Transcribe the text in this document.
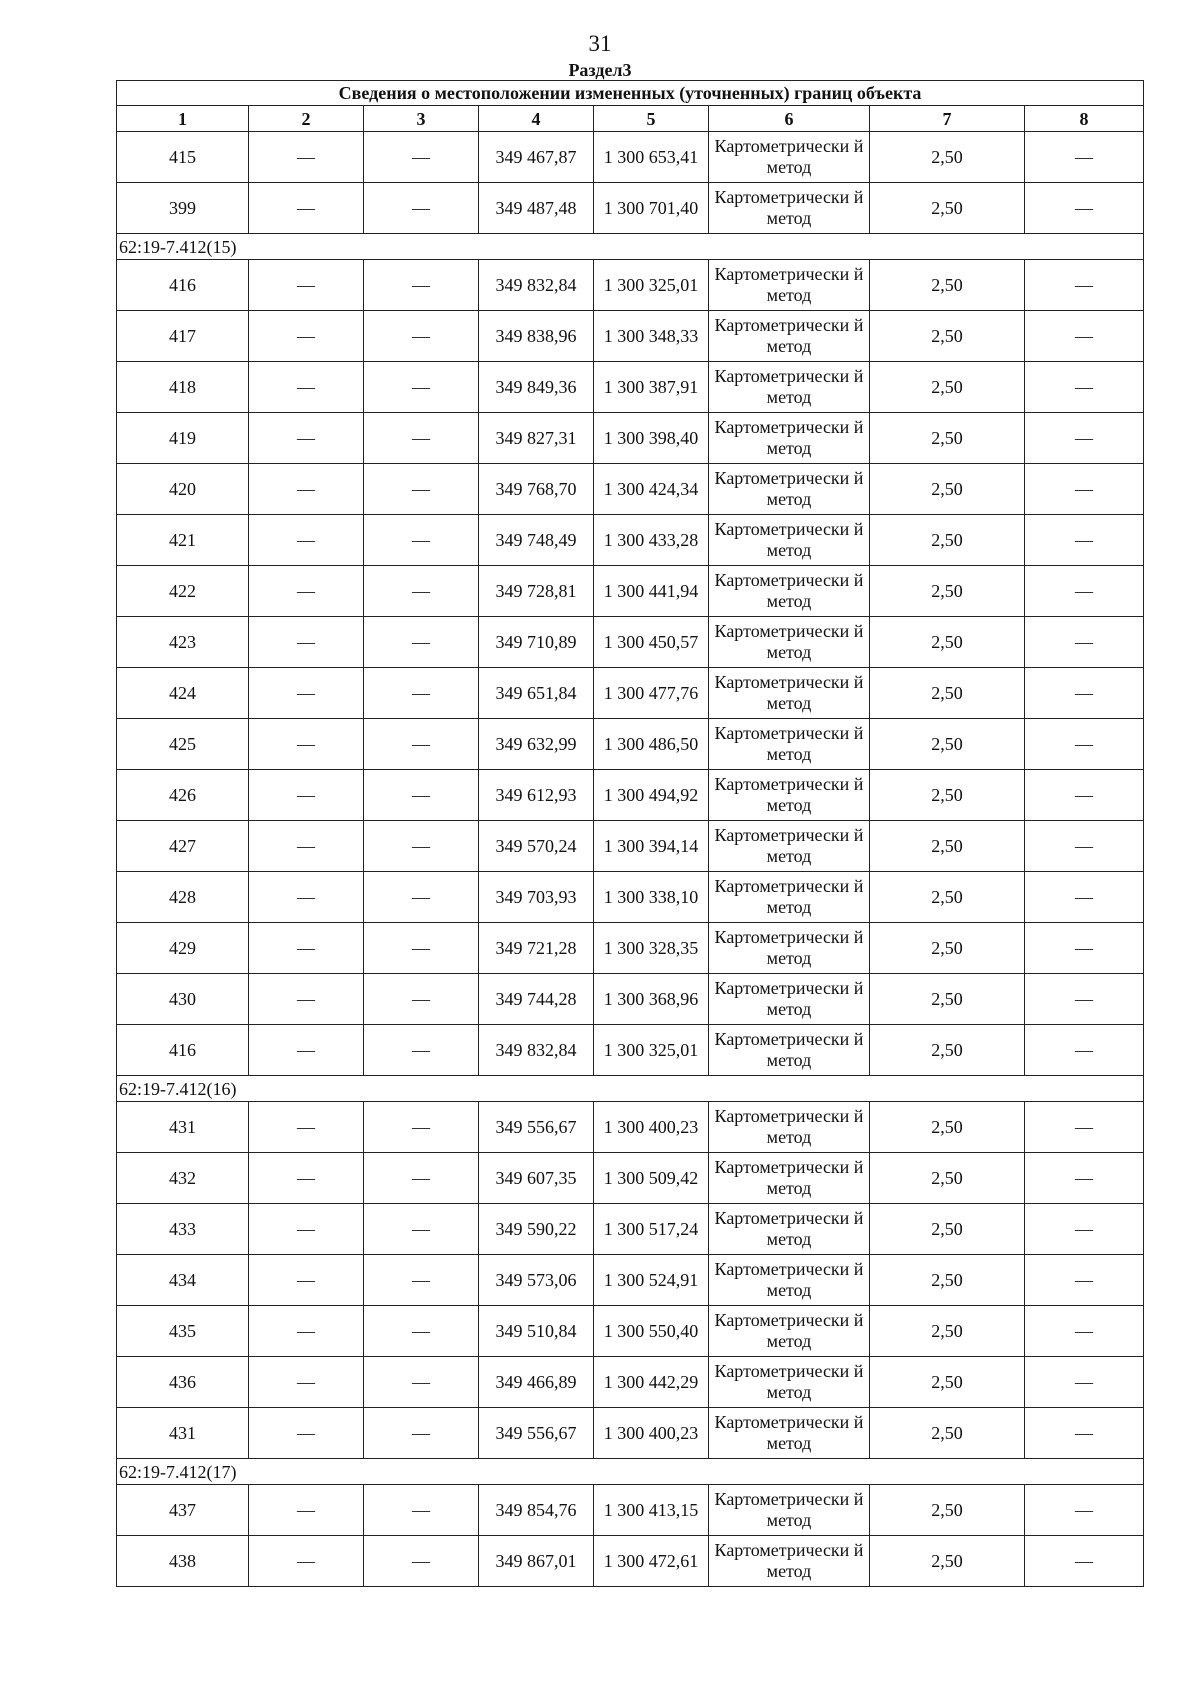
31
Раздел3
Сведения о местоположении измененных (уточненных) границ объекта							
1	2	3	4	5	6	7	8
415	—	—	349 467,87	1 300 653,41	Картометрически й метод	2,50	—
399	—	—	349 487,48	1 300 701,40	Картометрически й метод	2,50	—
62:19-7.412(15)							
416	—	—	349 832,84	1 300 325,01	Картометрически й метод	2,50	—
417	—	—	349 838,96	1 300 348,33	Картометрически й метод	2,50	—
418	—	—	349 849,36	1 300 387,91	Картометрически й метод	2,50	—
419	—	—	349 827,31	1 300 398,40	Картометрически й метод	2,50	—
420	—	—	349 768,70	1 300 424,34	Картометрически й метод	2,50	—
421	—	—	349 748,49	1 300 433,28	Картометрически й метод	2,50	—
422	—	—	349 728,81	1 300 441,94	Картометрически й метод	2,50	—
423	—	—	349 710,89	1 300 450,57	Картометрически й метод	2,50	—
424	—	—	349 651,84	1 300 477,76	Картометрически й метод	2,50	—
425	—	—	349 632,99	1 300 486,50	Картометрически й метод	2,50	—
426	—	—	349 612,93	1 300 494,92	Картометрически й метод	2,50	—
427	—	—	349 570,24	1 300 394,14	Картометрически й метод	2,50	—
428	—	—	349 703,93	1 300 338,10	Картометрически й метод	2,50	—
429	—	—	349 721,28	1 300 328,35	Картометрически й метод	2,50	—
430	—	—	349 744,28	1 300 368,96	Картометрически й метод	2,50	—
416	—	—	349 832,84	1 300 325,01	Картометрически й метод	2,50	—
62:19-7.412(16)							
431	—	—	349 556,67	1 300 400,23	Картометрически й метод	2,50	—
432	—	—	349 607,35	1 300 509,42	Картометрически й метод	2,50	—
433	—	—	349 590,22	1 300 517,24	Картометрически й метод	2,50	—
434	—	—	349 573,06	1 300 524,91	Картометрически й метод	2,50	—
435	—	—	349 510,84	1 300 550,40	Картометрически й метод	2,50	—
436	—	—	349 466,89	1 300 442,29	Картометрически й метод	2,50	—
431	—	—	349 556,67	1 300 400,23	Картометрически й метод	2,50	—
62:19-7.412(17)							
437	—	—	349 854,76	1 300 413,15	Картометрически й метод	2,50	—
438	—	—	349 867,01	1 300 472,61	Картометрически й метод	2,50	—
